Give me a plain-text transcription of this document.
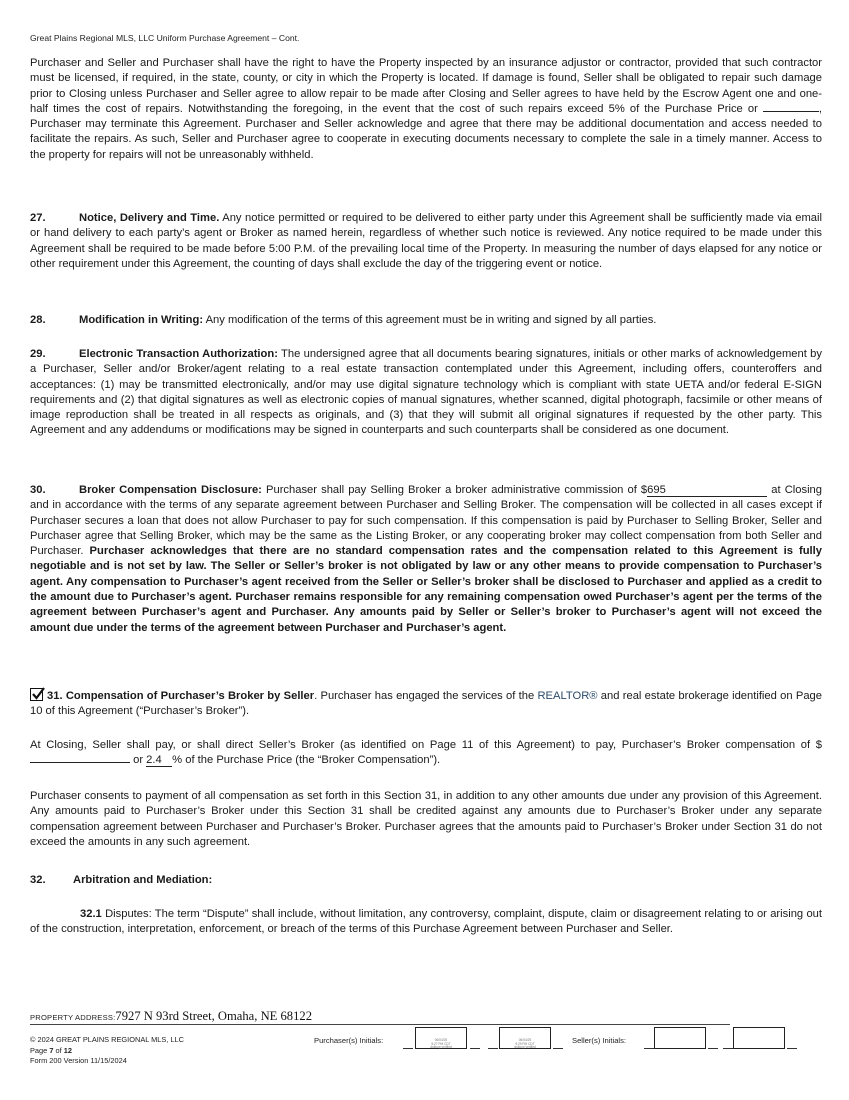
Great Plains Regional MLS, LLC Uniform Purchase Agreement – Cont.
Purchaser and Seller and Purchaser shall have the right to have the Property inspected by an insurance adjustor or contractor, provided that such contractor must be licensed, if required, in the state, county, or city in which the Property is located. If damage is found, Seller shall be obligated to repair such damage prior to Closing unless Purchaser and Seller agree to allow repair to be made after Closing and Seller agrees to have held by the Escrow Agent one and one-half times the cost of repairs. Notwithstanding the foregoing, in the event that the cost of such repairs exceed 5% of the Purchase Price or	, Purchaser may terminate this Agreement. Purchaser and Seller acknowledge and agree that there may be additional documentation and access needed to facilitate the repairs. As such, Seller and Purchaser agree to cooperate in executing documents necessary to complete the sale in a timely manner. Access to the property for repairs will not be unreasonably withheld.
27.	Notice, Delivery and Time. Any notice permitted or required to be delivered to either party under this Agreement shall be sufficiently made via email or hand delivery to each party’s agent or Broker as named herein, regardless of whether such notice is reviewed. Any notice required to be made under this Agreement shall be required to be made before 5:00 P.M. of the prevailing local time of the Property. In measuring the number of days elapsed for any notice or other requirement under this Agreement, the counting of days shall exclude the day of the triggering event or notice.
28.	Modification in Writing: Any modification of the terms of this agreement must be in writing and signed by all parties.
29.	Electronic Transaction Authorization: The undersigned agree that all documents bearing signatures, initials or other marks of acknowledgement by a Purchaser, Seller and/or Broker/agent relating to a real estate transaction contemplated under this Agreement, including offers, counteroffers and acceptances: (1) may be transmitted electronically, and/or may use digital signature technology which is compliant with state UETA and/or federal E-SIGN requirements and (2) that digital signatures as well as electronic copies of manual signatures, whether scanned, digital photograph, facsimile or other means of image reproduction shall be treated in all respects as originals, and (3) that they will submit all original signatures if requested by the other party. This Agreement and any addendums or modifications may be signed in counterparts and such counterparts shall be considered as one document.
30.	Broker Compensation Disclosure: Purchaser shall pay Selling Broker a broker administrative commission of $695	at Closing and in accordance with the terms of any separate agreement between Purchaser and Selling Broker. The compensation will be collected in all cases except if Purchaser secures a loan that does not allow Purchaser to pay for such compensation. If this compensation is paid by Purchaser to Selling Broker, Seller and Purchaser agree that Selling Broker, which may be the same as the Listing Broker, or any cooperating broker may collect compensation from both Seller and Purchaser. Purchaser acknowledges that there are no standard compensation rates and the compensation related to this Agreement is fully negotiable and is not set by law. The Seller or Seller’s broker is not obligated by law or any other means to provide compensation to Purchaser’s agent. Any compensation to Purchaser’s agent received from the Seller or Seller’s broker shall be disclosed to Purchaser and applied as a credit to the amount due to Purchaser’s agent. Purchaser remains responsible for any remaining compensation owed Purchaser’s agent per the terms of the agreement between Purchaser’s agent and Purchaser. Any amounts paid by Seller or Seller’s broker to Purchaser’s agent will not exceed the amount due under the terms of the agreement between Purchaser and Purchaser’s agent.
31. Compensation of Purchaser’s Broker by Seller. Purchaser has engaged the services of the REALTOR® and real estate brokerage identified on Page 10 of this Agreement (“Purchaser’s Broker”).
At Closing, Seller shall pay, or shall direct Seller’s Broker (as identified on Page 11 of this Agreement) to pay, Purchaser’s Broker compensation of $ or 2.4 % of the Purchase Price (the “Broker Compensation”).
Purchaser consents to payment of all compensation as set forth in this Section 31, in addition to any other amounts due under any provision of this Agreement. Any amounts paid to Purchaser’s Broker under this Section 31 shall be credited against any amounts due to Purchaser’s Broker under any separate compensation agreement between Purchaser and Purchaser’s Broker. Purchaser agrees that the amounts paid to Purchaser’s Broker under Section 31 do not exceed the amounts in any such agreement.
32. Arbitration and Mediation:
32.1 Disputes: The term “Dispute” shall include, without limitation, any controversy, complaint, dispute, claim or disagreement relating to or arising out of the construction, interpretation, enforcement, or breach of the terms of this Purchase Agreement between Purchaser and Seller.
PROPERTY ADDRESS:7927 N 93rd Street, Omaha, NE 68122
© 2024 GREAT PLAINS REGIONAL MLS, LLC
Page 7 of 12
Form 200 Version 11/15/2024
Purchaser(s) Initials:	06/04/25
9:27 PM CDT
dotloop verified
06/04/25
9:29 PM CDT
dotloop verified
Seller(s) Initials:
